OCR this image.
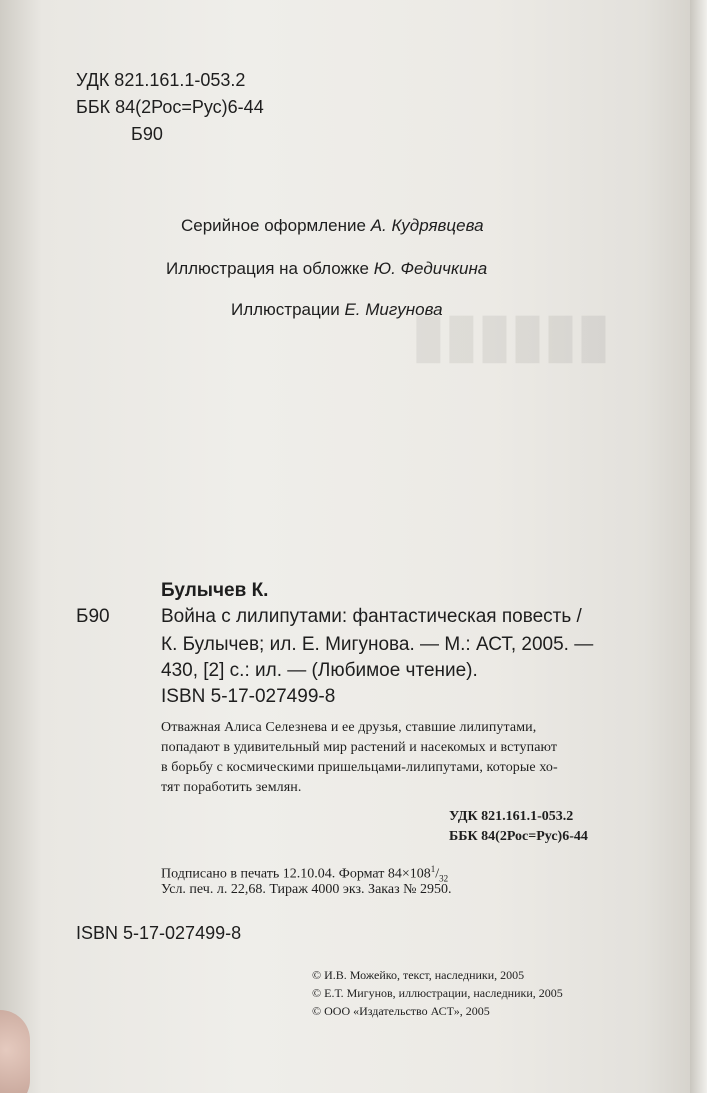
▮▮▮▮▮▮
УДК 821.161.1-053.2
ББК 84(2Рос=Рус)6-44
Б90
Серийное оформление А. Кудрявцева
Иллюстрация на обложке Ю. Федичкина
Иллюстрации Е. Мигунова
Булычев К.
Б90	Война с лилипутами: фантастическая повесть /
К. Булычев; ил. Е. Мигунова. — М.: АСТ, 2005. —
430, [2] с.: ил. — (Любимое чтение).
ISBN 5-17-027499-8
Отважная Алиса Селезнева и ее друзья, ставшие лилипутами,
попадают в удивительный мир растений и насекомых и вступают
в борьбу с космическими пришельцами-лилипутами, которые хо-
тят поработить землян.
УДК 821.161.1-053.2
ББК 84(2Рос=Рус)6-44
Подписано в печать 12.10.04. Формат $84\times 108^1/_{32}$
Усл. печ. л. 22,68. Тираж 4000 экз. Заказ № 2950.
ISBN 5-17-027499-8
© И.В. Можейко, текст, наследники, 2005
© Е.Т. Мигунов, иллюстрации, наследники, 2005
© ООО «Издательство АСТ», 2005
